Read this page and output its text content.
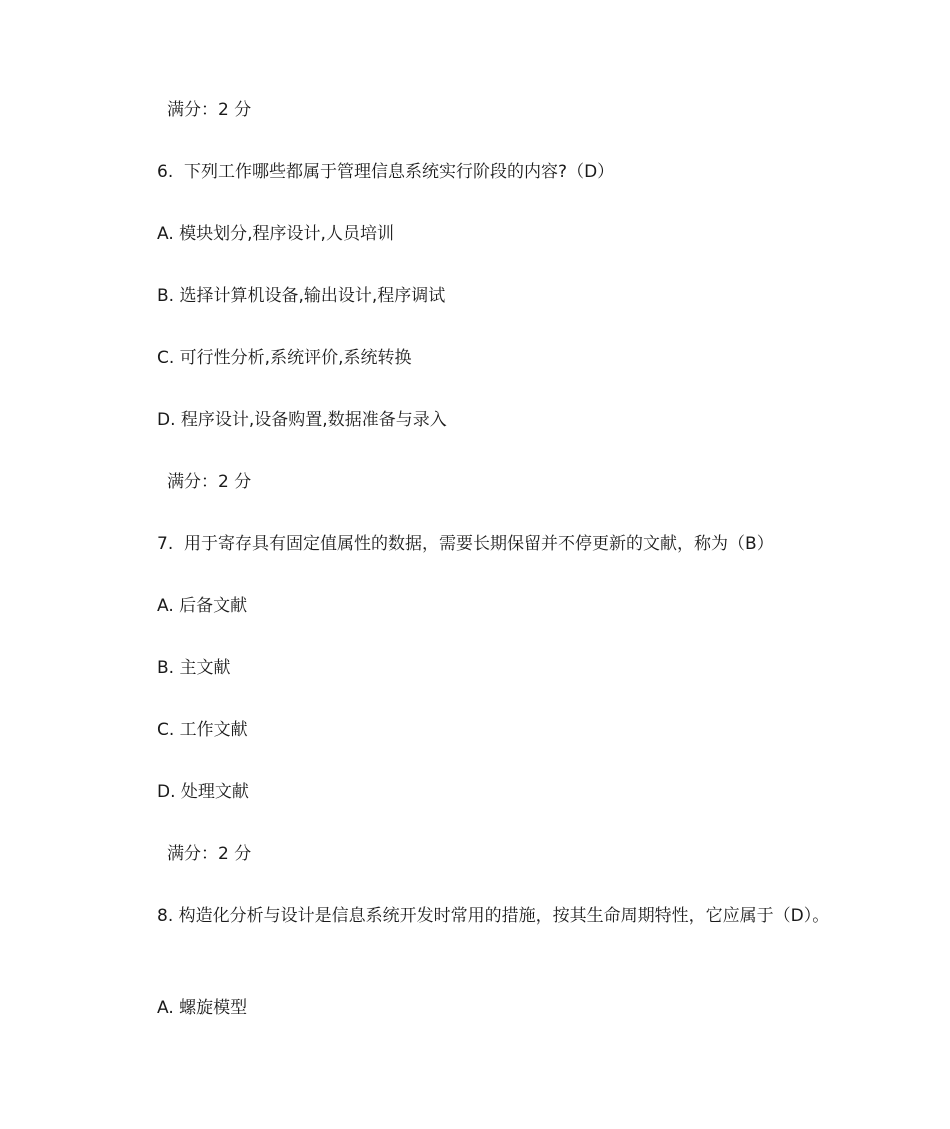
满分：2 分
6. 下列工作哪些都属于管理信息系统实行阶段的内容?（D）
A. 模块划分,程序设计,人员培训
B. 选择计算机设备,输出设计,程序调试
C. 可行性分析,系统评价,系统转换
D. 程序设计,设备购置,数据准备与录入
满分：2 分
7. 用于寄存具有固定值属性的数据，需要长期保留并不停更新的文献，称为（B）
A. 后备文献
B. 主文献
C. 工作文献
D. 处理文献
满分：2 分
8. 构造化分析与设计是信息系统开发时常用的措施，按其生命周期特性，它应属于（D）。
A. 螺旋模型
